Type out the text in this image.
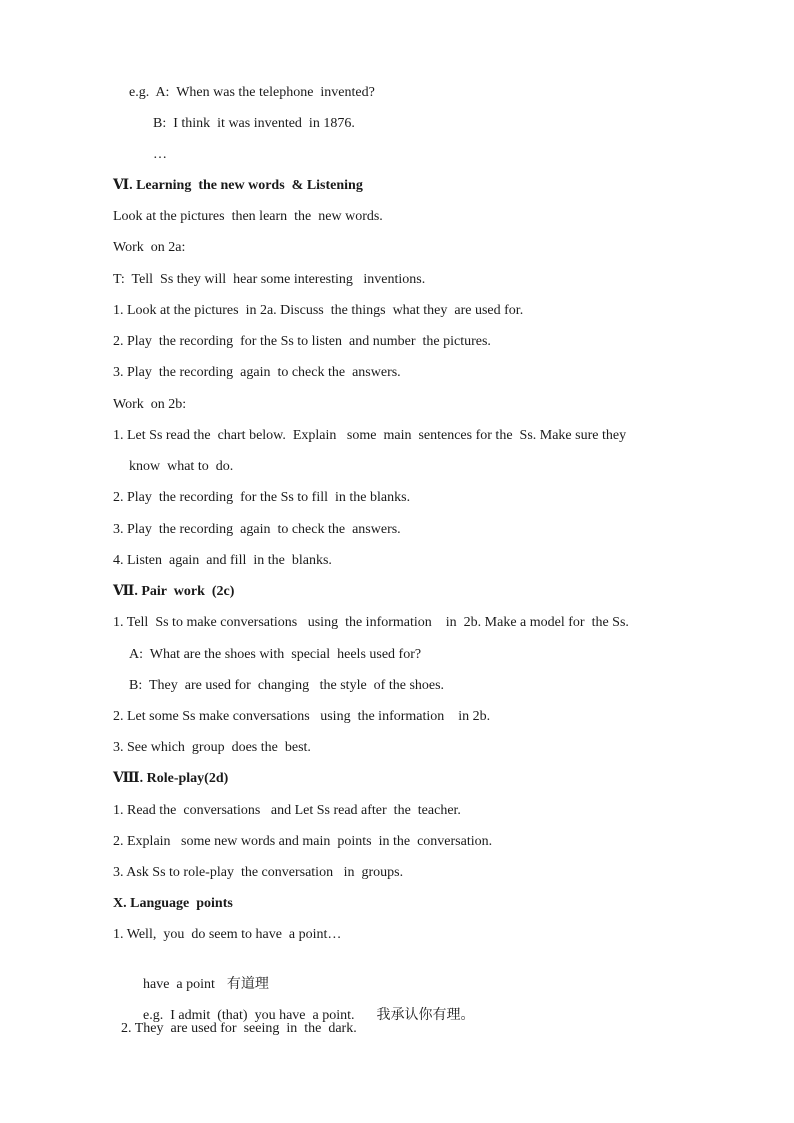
e.g.  A:  When was the telephone  invented?
B:  I think  it was invented  in 1876.
…
Ⅵ. Learning  the new words  & Listening
Look at the pictures  then learn  the  new words.
Work  on 2a:
T:  Tell  Ss they will  hear some interesting   inventions.
1. Look at the pictures  in 2a. Discuss  the things  what they  are used for.
2. Play  the recording  for the Ss to listen  and number  the pictures.
3. Play  the recording  again  to check the  answers.
Work  on 2b:
1. Let Ss read the  chart below.  Explain   some  main  sentences for the  Ss. Make sure they
know  what to  do.
2. Play  the recording  for the Ss to fill  in the blanks.
3. Play  the recording  again  to check the  answers.
4. Listen  again  and fill  in the  blanks.
Ⅶ. Pair  work  (2c)
1. Tell  Ss to make conversations   using  the information    in  2b. Make a model for  the Ss.
A:  What are the shoes with  special  heels used for?
B:  They  are used for  changing   the style  of the shoes.
2. Let some Ss make conversations   using  the information    in 2b.
3. See which  group  does the  best.
Ⅷ. Role-play(2d)
1. Read the  conversations   and Let Ss read after  the  teacher.
2. Explain   some new words and main  points  in the  conversation.
3. Ask Ss to role-play  the conversation   in  groups.
X. Language  points
1. Well,  you  do seem to have  a point…

have  a point 有道理

e.g.  I admit  (that)  you have  a point. 我承认你有理。

2. They  are used for  seeing  in  the  dark.
